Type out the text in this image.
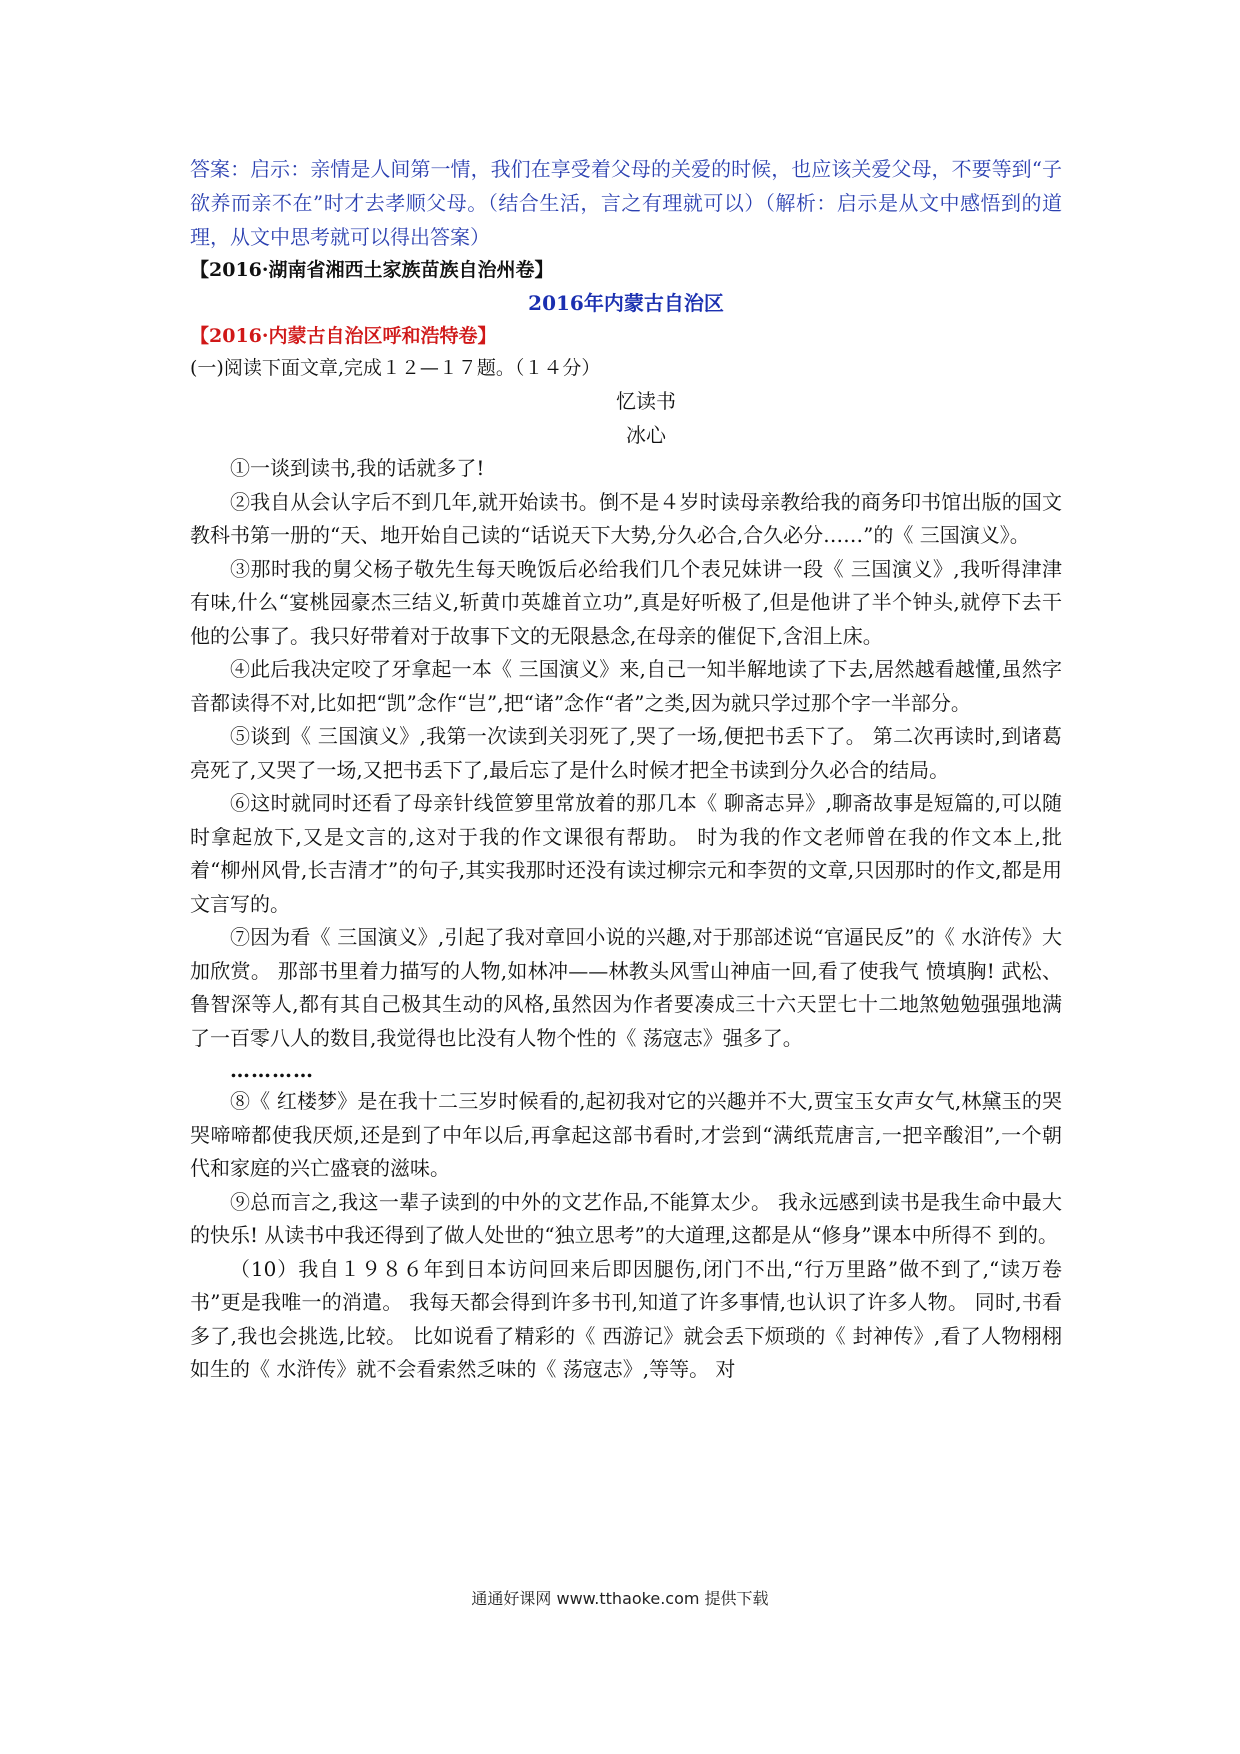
答案：启示：亲情是人间第一情，我们在享受着父母的关爱的时候，也应该关爱父母，不要等到“子欲养而亲不在”时才去孝顺父母。（结合生活，言之有理就可以）（解析：启示是从文中感悟到的道理，从文中思考就可以得出答案）

【2016·湖南省湘西土家族苗族自治州卷】

2016年内蒙古自治区

【2016·内蒙古自治区呼和浩特卷】

(一)阅读下面文章,完成１２—１７题。（１４分）

忆读书

冰心

①一谈到读书,我的话就多了!

②我自从会认字后不到几年,就开始读书。倒不是４岁时读母亲教给我的商务印书馆出版的国文教科书第一册的“天、地开始自己读的“话说天下大势,分久必合,合久必分……”的《 三国演义》。

③那时我的舅父杨子敬先生每天晚饭后必给我们几个表兄妹讲一段《 三国演义》,我听得津津有味,什么“宴桃园豪杰三结义,斩黄巾英雄首立功”,真是好听极了,但是他讲了半个钟头,就停下去干他的公事了。我只好带着对于故事下文的无限悬念,在母亲的催促下,含泪上床。

④此后我决定咬了牙拿起一本《 三国演义》来,自己一知半解地读了下去,居然越看越懂,虽然字音都读得不对,比如把“凯”念作“岂”,把“诸”念作“者”之类,因为就只学过那个字一半部分。

⑤谈到《 三国演义》,我第一次读到关羽死了,哭了一场,便把书丢下了。 第二次再读时,到诸葛亮死了,又哭了一场,又把书丢下了,最后忘了是什么时候才把全书读到分久必合的结局。

⑥这时就同时还看了母亲针线笸箩里常放着的那几本《 聊斋志异》,聊斋故事是短篇的,可以随时拿起放下,又是文言的,这对于我的作文课很有帮助。 时为我的作文老师曾在我的作文本上,批着“柳州风骨,长吉清才”的句子,其实我那时还没有读过柳宗元和李贺的文章,只因那时的作文,都是用文言写的。

⑦因为看《 三国演义》,引起了我对章回小说的兴趣,对于那部述说“官逼民反”的《 水浒传》大加欣赏。 那部书里着力描写的人物,如林冲——林教头风雪山神庙一回,看了使我气 愤填胸! 武松、鲁智深等人,都有其自己极其生动的风格,虽然因为作者要凑成三十六天罡七十二地煞勉勉强强地满了一百零八人的数目,我觉得也比没有人物个性的《 荡寇志》强多了。

…………

⑧《 红楼梦》是在我十二三岁时候看的,起初我对它的兴趣并不大,贾宝玉女声女气,林黛玉的哭哭啼啼都使我厌烦,还是到了中年以后,再拿起这部书看时,才尝到“满纸荒唐言,一把辛酸泪”,一个朝代和家庭的兴亡盛衰的滋味。

⑨总而言之,我这一辈子读到的中外的文艺作品,不能算太少。 我永远感到读书是我生命中最大的快乐! 从读书中我还得到了做人处世的“独立思考”的大道理,这都是从“修身”课本中所得不 到的。

（10）我自１９８６年到日本访问回来后即因腿伤,闭门不出,“行万里路”做不到了,“读万卷书”更是我唯一的消遣。 我每天都会得到许多书刊,知道了许多事情,也认识了许多人物。 同时,书看多了,我也会挑选,比较。 比如说看了精彩的《 西游记》就会丢下烦琐的《 封神传》,看了人物栩栩如生的《 水浒传》就不会看索然乏味的《 荡寇志》,等等。 对

通通好课网 www.tthaoke.com 提供下载
